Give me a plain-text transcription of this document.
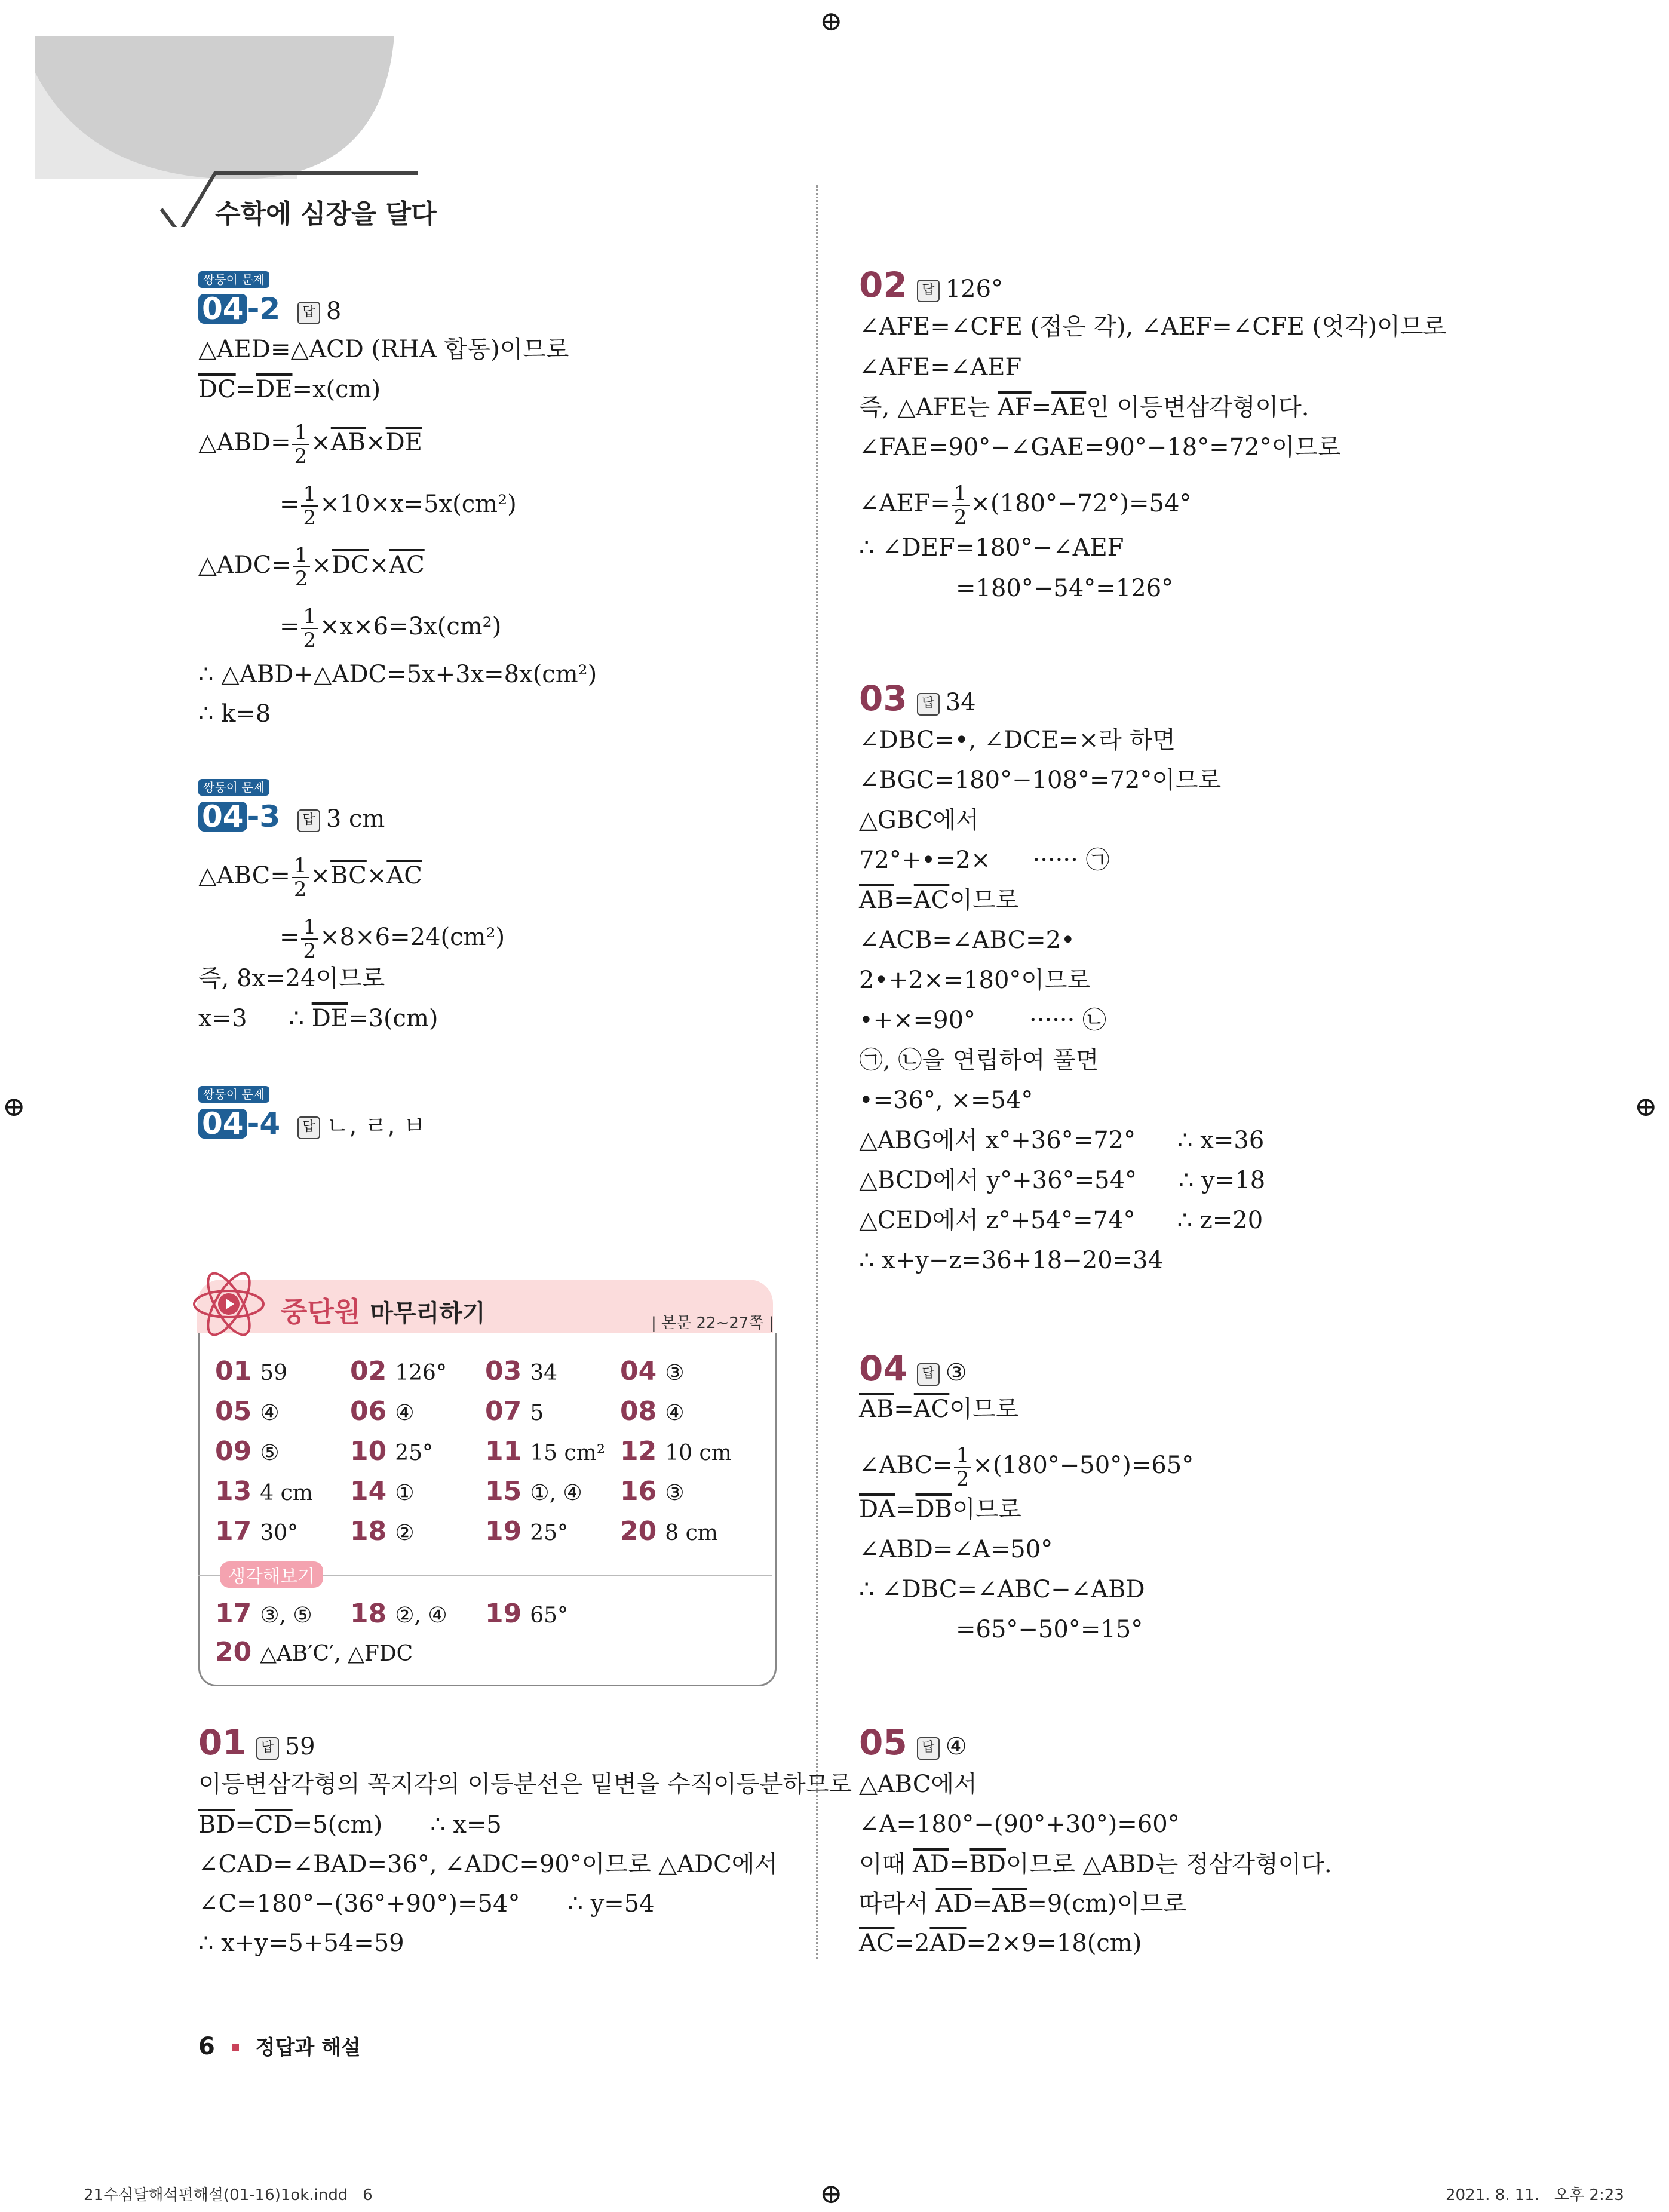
수학에 심장을 달다
⊕
⊕	⊕
⊕
쌍둥이 문제
04 -2 답 8
△AED≡△ACD (RHA 합동)이므로
$\overline{DC}=\overline{DE}=x(cm)$
△ABD= $\frac{1}{2} \times\overline{AB}\times\overline{DE}$
= $\frac{1}{2} \times 10\times x=5x(cm^2)$
△ADC= $\frac{1}{2} \times\overline{DC}\times\overline{AC}$
= $\frac{1}{2} \times x\times 6=3x(cm^2)$
∴ △ABD+△ADC=5x+3x=8x(cm²)
∴ k=8
쌍둥이 문제
04 -3 답 3 cm
△ABC= $\frac{1}{2} \times\overline{BC}\times\overline{AC}$
= $\frac{1}{2} \times 8\times 6=24(cm^2)$
즉, 8x=24이므로
x=3 ∴ $\overline{DE}=3(cm)$
쌍둥이 문제
04 -4 답 ㄴ, ㄹ, ㅂ
중단원 마무리하기	| 본문 22~27쪽 |
생각해보기
01 59 02 126° 03 34 04 ③
05 ④	06 ④	07 5	08 ④
09 ⑤	10 25° 11 15 cm² 12 10 cm
13 4 cm 14 ①	15 ①, ④ 16 ③
17 30° 18 ②	19 25° 20 8 cm
17 ③, ⑤ 18 ②, ④ 19 65°
20 △AB′C′, △FDC
01 답 59
이등변삼각형의 꼭지각의 이등분선은 밑변을 수직이등분하므로
$\overline{BD}=\overline{CD}=5(cm)$ ∴ x=5
∠CAD=∠BAD=36°, ∠ADC=90°이므로 △ADC에서
∠C=180°−(36°+90°)=54° ∴ y=54
∴ x+y=5+54=59
02 답 126°
∠AFE=∠CFE (접은 각), ∠AEF=∠CFE (엇각)이므로
∠AFE=∠AEF
즉, △AFE는 $\overline{AF}=\overline{AE}$인 이등변삼각형이다.
∠FAE=90°−∠GAE=90°−18°=72°이므로
∠AEF= $\frac{1}{2} \times(180^\circ-72^\circ)=54^\circ$
∴ ∠DEF=180°−∠AEF
=180°−54°=126°
03 답 34
∠DBC=•, ∠DCE=×라 하면
∠BGC=180°−108°=72°이므로
△GBC에서
72°+•=2× ······ ㉠
$\overline{AB}=\overline{AC}$이므로
∠ACB=∠ABC=2•
2•+2×=180°이므로
•+×=90° ······ ㉡
㉠, ㉡을 연립하여 풀면
•=36°, ×=54°
△ABG에서 x°+36°=72° ∴ x=36
△BCD에서 y°+36°=54° ∴ y=18
△CED에서 z°+54°=74° ∴ z=20
∴ x+y−z=36+18−20=34
04 답 ③
$\overline{AB}=\overline{AC}$이므로
∠ABC= $\frac{1}{2} \times(180^\circ-50^\circ)=65^\circ$
$\overline{DA}=\overline{DB}$이므로
∠ABD=∠A=50°
∴ ∠DBC=∠ABC−∠ABD
=65°−50°=15°
05 답 ④
△ABC에서
∠A=180°−(90°+30°)=60°
이때 $\overline{AD}=\overline{BD}$이므로 △ABD는 정삼각형이다.
따라서 $\overline{AD}=\overline{AB}=9(cm)$이므로
$\overline{AC}=2\overline{AD}=2\times 9=18(cm)$
6 정답과 해설
21수심달해석편해설(01-16)1ok.indd   6	2021. 8. 11.   오후 2:23
